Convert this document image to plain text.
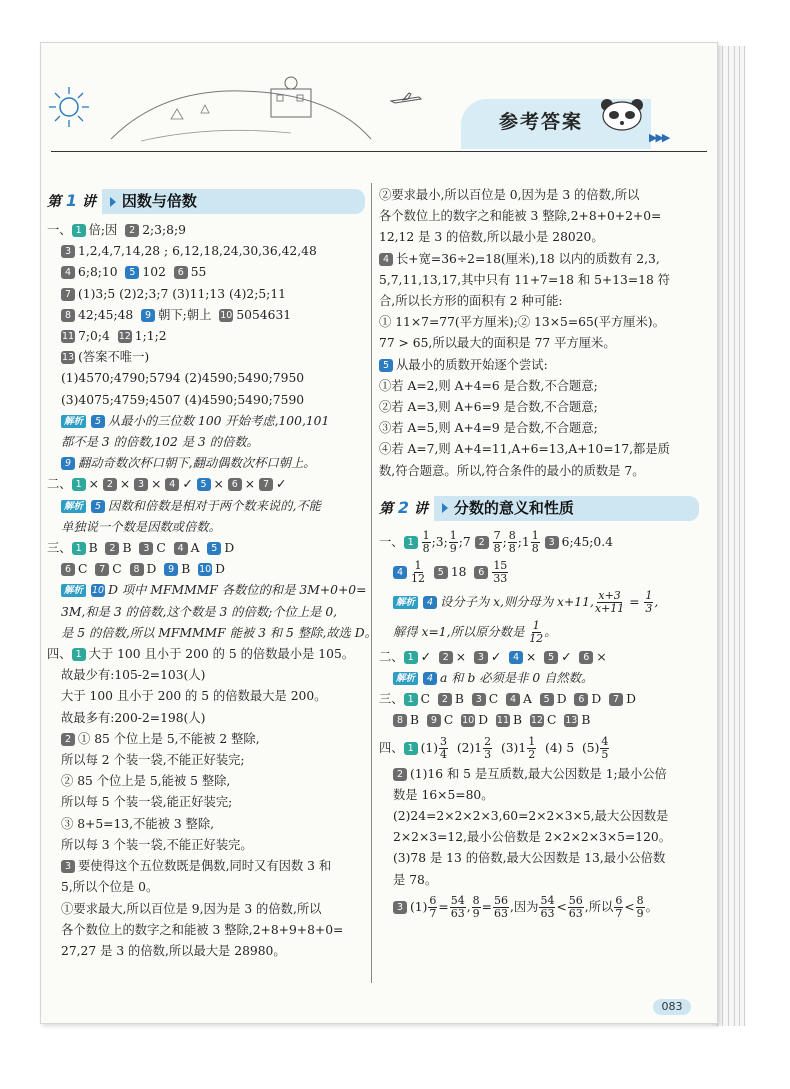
参考答案
▶▶▶
第 1 讲	因数与倍数
一、 1 倍;因 2 2;3;8;9
3 1,2,4,7,14,28 ; 6,12,18,24,30,36,42,48
4 6;8;10 5 102 6 55
7 (1)3;5 (2)2;3;7 (3)11;13 (4)2;5;11
8 42;45;48 9 朝下;朝上 10 5054631
11 7;0;4 12 1;1;2
13 (答案不唯一)
(1)4570;4790;5794 (2)4590;5490;7950
(3)4075;4759;4507 (4)4590;5490;7590
解析 5 从最小的三位数 100 开始考虑,100,101
都不是 3 的倍数,102 是 3 的倍数。
9 翻动奇数次杯口朝下,翻动偶数次杯口朝上。
二、 1 × 2 × 3 × 4 ✓ 5 × 6 × 7 ✓
解析 5 因数和倍数是相对于两个数来说的,不能
单独说一个数是因数或倍数。
三、 1 B 2 B 3 C 4 A 5 D
6 C 7 C 8 D 9 B 10 D
解析 10 D 项中 MFMMMF 各数位的和是 3M+0+0=
3M,和是 3 的倍数,这个数是 3 的倍数;个位上是 0,
是 5 的倍数,所以 MFMMMF 能被 3 和 5 整除,故选 D。
四、 1 大于 100 且小于 200 的 5 的倍数最小是 105。
故最少有:105-2=103(人)
大于 100 且小于 200 的 5 的倍数最大是 200。
故最多有:200-2=198(人)
2 ① 85 个位上是 5,不能被 2 整除,
所以每 2 个装一袋,不能正好装完;
② 85 个位上是 5,能被 5 整除,
所以每 5 个装一袋,能正好装完;
③ 8+5=13,不能被 3 整除,
所以每 3 个装一袋,不能正好装完。
3 要使得这个五位数既是偶数,同时又有因数 3 和
5,所以个位是 0。
①要求最大,所以百位是 9,因为是 3 的倍数,所以
各个数位上的数字之和能被 3 整除,2+8+9+8+0=
27,27 是 3 的倍数,所以最大是 28980。
②要求最小,所以百位是 0,因为是 3 的倍数,所以
各个数位上的数字之和能被 3 整除,2+8+0+2+0=
12,12 是 3 的倍数,所以最小是 28020。
4 长+宽=36÷2=18(厘米),18 以内的质数有 2,3,
5,7,11,13,17,其中只有 11+7=18 和 5+13=18 符
合,所以长方形的面积有 2 种可能:
① 11×7=77(平方厘米);② 13×5=65(平方厘米)。
77 > 65,所以最大的面积是 77 平方厘米。
5 从最小的质数开始逐个尝试:
①若 A=2,则 A+4=6 是合数,不合题意;
②若 A=3,则 A+6=9 是合数,不合题意;
③若 A=5,则 A+4=9 是合数,不合题意;
④若 A=7,则 A+4=11,A+6=13,A+10=17,都是质
数,符合题意。所以,符合条件的最小的质数是 7。
第 2 讲	分数的意义和性质
一、 $1 \frac{1}{8}$ ;3; $\frac{1}{9}$ ;7 $2 \frac{7}{8}$ ; $\frac{8}{8}$ ;1 $\frac{1}{8} 3$ 6;45;0.4
$4 \frac{1}{12} 5$ 18 $6 \frac{15}{33}$
解析 4 设分子为 x,则分母为 x+11, $\frac{x+3}{x+11} = \frac{1}{3}$ ,
解得 x=1,所以原分数是 $\frac{1}{12}$ 。
二、 1 ✓ 2 × 3 ✓ 4 × 5 ✓ 6 ×
解析 4 a 和 b 必须是非 0 自然数。
三、 1 C 2 B 3 C 4 A 5 D 6 D 7 D
8 B 9 C 10 D 11 B 12 C 13 B
四、 1 $(1) \frac{3}{4} (2)1 \frac{2}{3} (3)1 \frac{1}{2} (4)$ 5 $(5) \frac{4}{5}$
2 (1)16 和 5 是互质数,最大公因数是 1;最小公倍
数是 16×5=80。
(2)24=2×2×2×3,60=2×2×3×5,最大公因数是
2×2×3=12,最小公倍数是 2×2×2×3×5=120。
(3)78 是 13 的倍数,最大公因数是 13,最小公倍数
是 78。
3 $(1) \frac{6}{7} = \frac{54}{63}$ , $\frac{8}{9} = \frac{56}{63}$ ,因为 $\frac{54}{63} < \frac{56}{63}$ ,所以 $\frac{6}{7} < \frac{8}{9}$ 。
083
